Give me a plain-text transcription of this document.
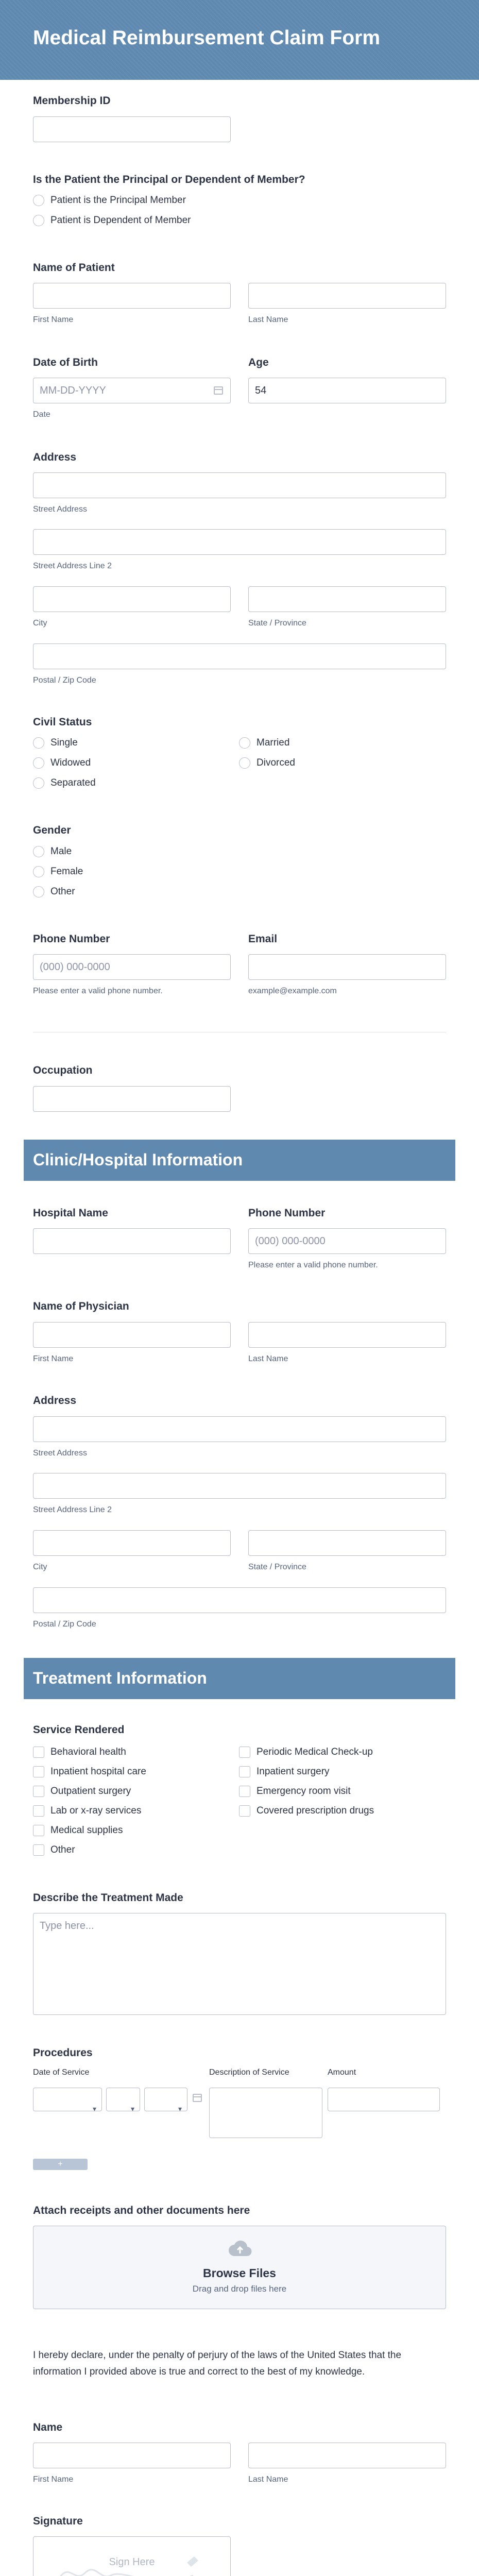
Medical Reimbursement Claim Form
Membership ID
Is the Patient the Principal or Dependent of Member?
Patient is the Principal Member
Patient is Dependent of Member
Name of Patient
First Name	Last Name
Date of Birth
MM-DD-YYYY
Date
Age
54
Address
Street Address
Street Address Line 2
City	State / Province
Postal / Zip Code
Civil Status
Single
Widowed
Separated
Married
Divorced
Gender
Male
Female
Other
Phone Number
(000) 000-0000
Please enter a valid phone number.
Email
example@example.com
Occupation
Clinic/Hospital Information
Hospital Name	Phone Number
(000) 000-0000
Please enter a valid phone number.
Name of Physician
First Name	Last Name
Address
Street Address
Street Address Line 2
City	State / Province
Postal / Zip Code
Treatment Information
Service Rendered
Behavioral health
Inpatient hospital care
Outpatient surgery
Lab or x-ray services
Medical supplies
Other
Periodic Medical Check-up
Inpatient surgery
Emergency room visit
Covered prescription drugs
Describe the Treatment Made
Type here...
Procedures
Date of Service	Description of Service	Amount
▾	▾	▾
+
Attach receipts and other documents here
Browse Files
Drag and drop files here
I hereby declare, under the penalty of perjury of the laws of the United States that the information I provided above is true and correct to the best of my knowledge.
Name
First Name	Last Name
Signature
Sign Here
